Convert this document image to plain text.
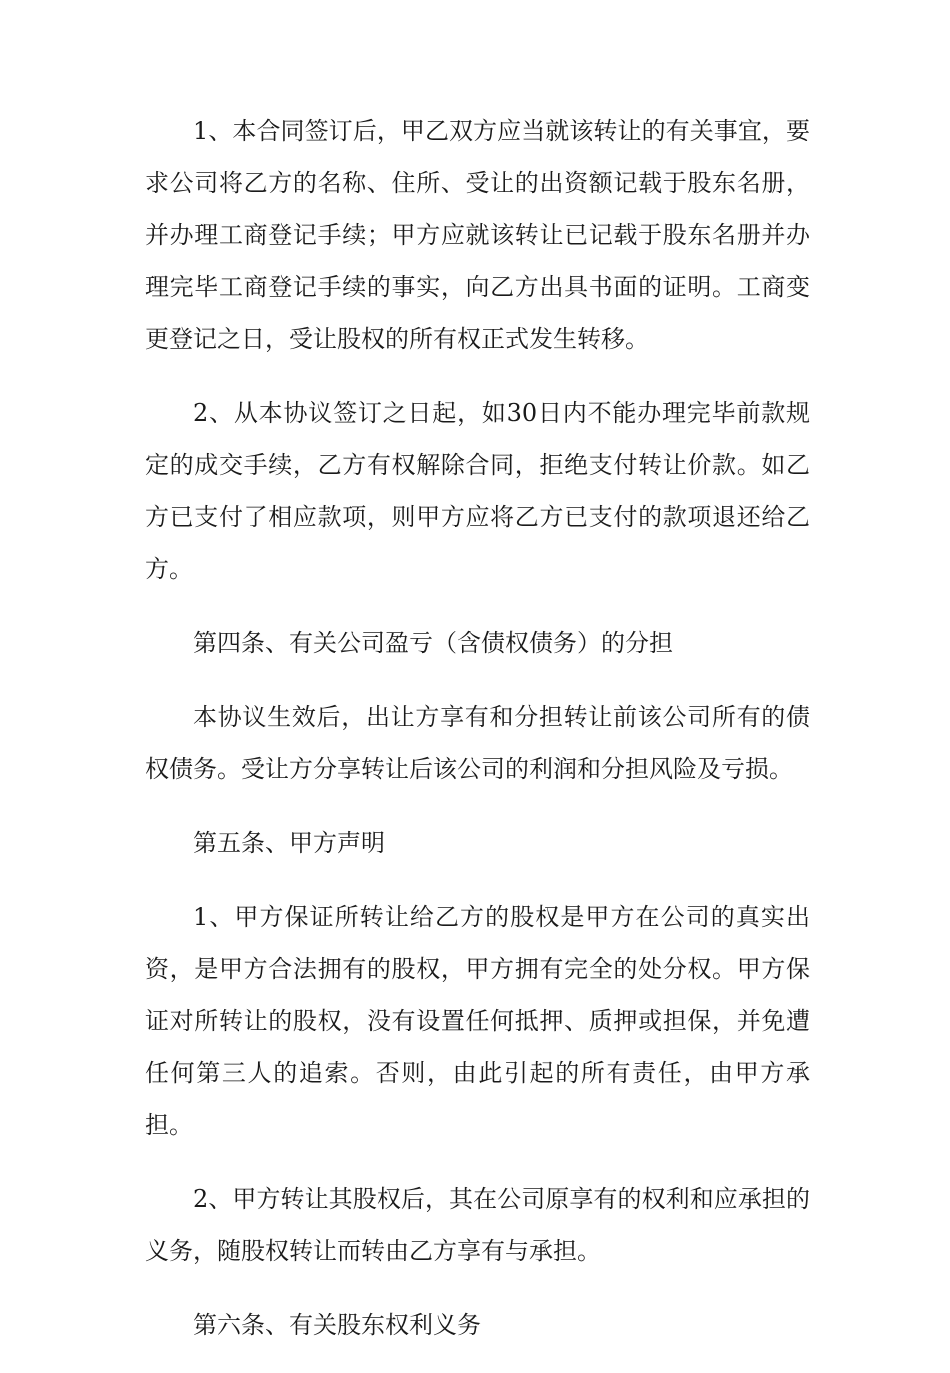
1、本合同签订后，甲乙双方应当就该转让的有关事宜，要求公司将乙方的名称、住所、受让的出资额记载于股东名册，并办理工商登记手续；甲方应就该转让已记载于股东名册并办理完毕工商登记手续的事实，向乙方出具书面的证明。工商变更登记之日，受让股权的所有权正式发生转移。

2、从本协议签订之日起，如30日内不能办理完毕前款规定的成交手续，乙方有权解除合同，拒绝支付转让价款。如乙方已支付了相应款项，则甲方应将乙方已支付的款项退还给乙方。

第四条、有关公司盈亏（含债权债务）的分担

本协议生效后，出让方享有和分担转让前该公司所有的债权债务。受让方分享转让后该公司的利润和分担风险及亏损。

第五条、甲方声明

1、甲方保证所转让给乙方的股权是甲方在公司的真实出资，是甲方合法拥有的股权，甲方拥有完全的处分权。甲方保证对所转让的股权，没有设置任何抵押、质押或担保，并免遭任何第三人的追索。否则，由此引起的所有责任，由甲方承担。

2、甲方转让其股权后，其在公司原享有的权利和应承担的义务，随股权转让而转由乙方享有与承担。

第六条、有关股东权利义务
